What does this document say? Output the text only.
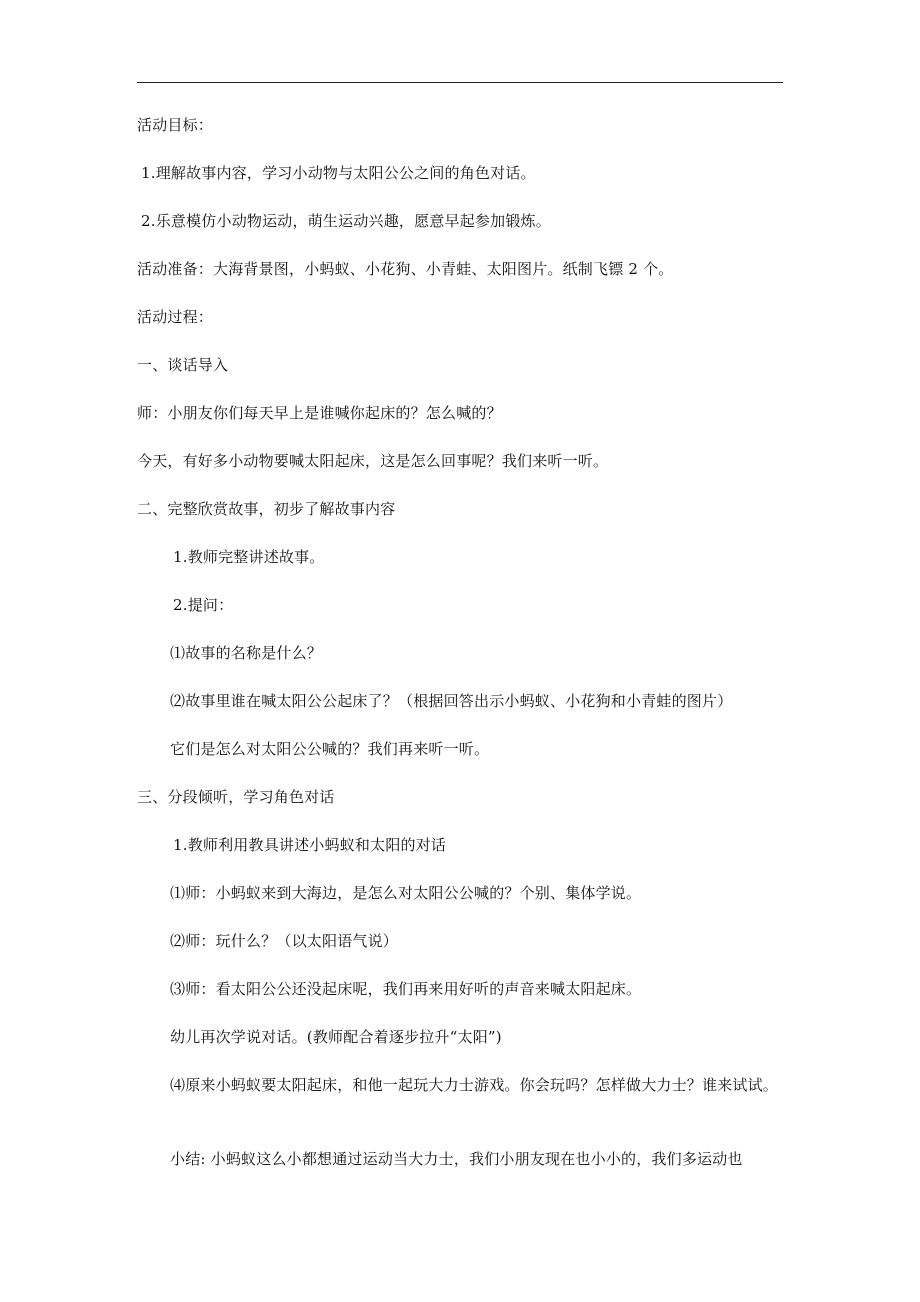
活动目标：
1.理解故事内容，学习小动物与太阳公公之间的角色对话。
2.乐意模仿小动物运动，萌生运动兴趣，愿意早起参加锻炼。
活动准备：大海背景图，小蚂蚁、小花狗、小青蛙、太阳图片。纸制飞镖 2 个。
活动过程：
一、谈话导入
师：小朋友你们每天早上是谁喊你起床的？怎么喊的？
今天，有好多小动物要喊太阳起床，这是怎么回事呢？我们来听一听。
二、完整欣赏故事，初步了解故事内容
1.教师完整讲述故事。
2.提问：
⑴故事的名称是什么？
⑵故事里谁在喊太阳公公起床了？（根据回答出示小蚂蚁、小花狗和小青蛙的图片）
它们是怎么对太阳公公喊的？我们再来听一听。
三、分段倾听，学习角色对话
1.教师利用教具讲述小蚂蚁和太阳的对话
⑴师：小蚂蚁来到大海边，是怎么对太阳公公喊的？个别、集体学说。
⑵师：玩什么？（以太阳语气说）
⑶师：看太阳公公还没起床呢，我们再来用好听的声音来喊太阳起床。
幼儿再次学说对话。(教师配合着逐步拉升“太阳”)
⑷原来小蚂蚁要太阳起床，和他一起玩大力士游戏。你会玩吗？怎样做大力士？谁来试试。
小结: 小蚂蚁这么小都想通过运动当大力士，我们小朋友现在也小小的，我们多运动也
